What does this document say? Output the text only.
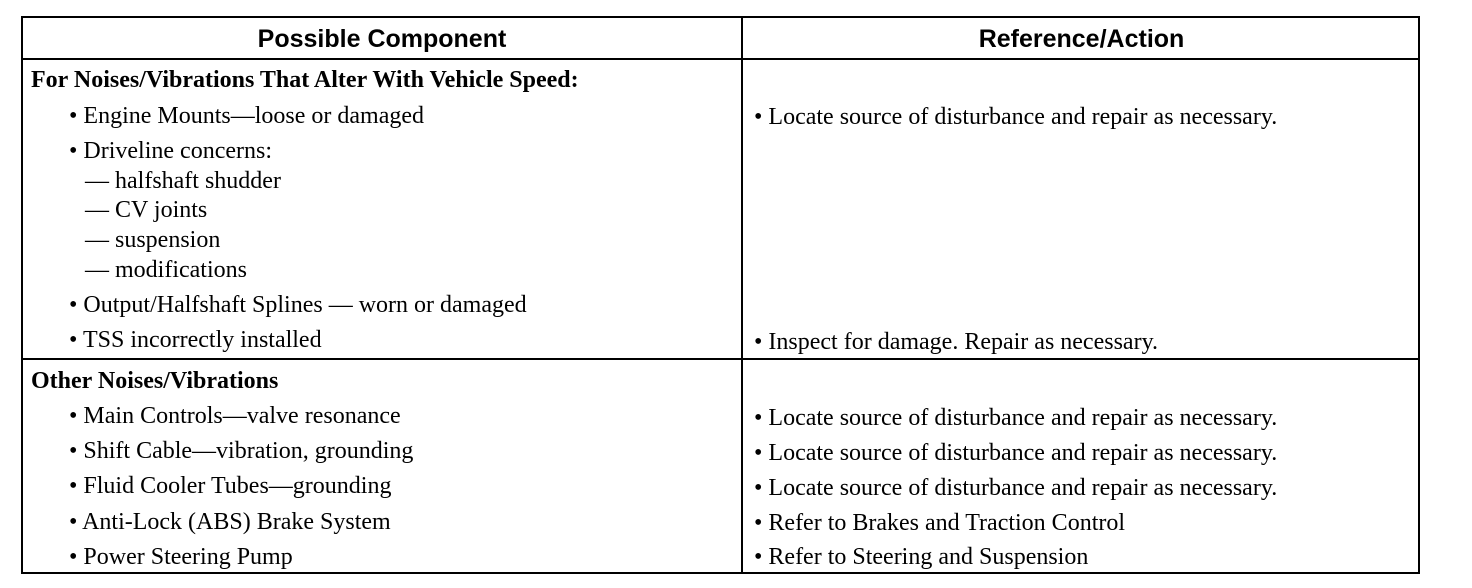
Possible Component	Reference/Action
For Noises/Vibrations That Alter With Vehicle Speed:
• Engine Mounts—loose or damaged
• Driveline concerns:
— halfshaft shudder
— CV joints
— suspension
— modifications
• Output/Halfshaft Splines — worn or damaged
• TSS incorrectly installed
• Locate source of disturbance and repair as necessary.
• Inspect for damage. Repair as necessary.
Other Noises/Vibrations
• Main Controls—valve resonance
• Shift Cable—vibration, grounding
• Fluid Cooler Tubes—grounding
• Anti-Lock (ABS) Brake System
• Power Steering Pump
• Locate source of disturbance and repair as necessary.
• Locate source of disturbance and repair as necessary.
• Locate source of disturbance and repair as necessary.
• Refer to Brakes and Traction Control
• Refer to Steering and Suspension
